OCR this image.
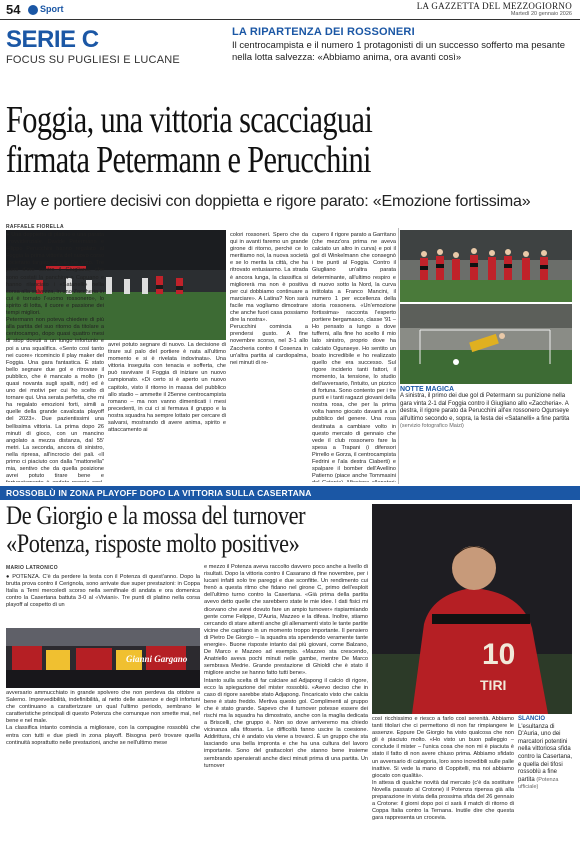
54	Sport	LA GAZZETTA DEL MEZZOGIORNO
Martedì 20 gennaio 2026
SERIE C
FOCUS SU PUGLIESI E LUCANE
LA RIPARTENZA DEI ROSSONERI
Il centrocampista e il numero 1 protagonisti di un successo sofferto ma pesante nella lotta salvezza: «Abbiamo anima, ora avanti così»
Foggia, una vittoria scacciaguai
firmata Petermann e Perucchini
Play e portiere decisivi con doppietta e rigore parato: «Emozione fortissima»
NOTTE MAGICA
A sinistra, il primo dei due gol di Petermann su punizione nella gara vinta 2-1 dal Foggia contro il Giugliano allo «Zaccheria». A destra, il rigore parato da Perucchini all'ex rossonero Ogunseye all'ultimo secondo e, sopra, la festa dei «Satanelli» a fine partita (servizio fotografico Maizi)
RAFFAELE FIORELLA
● Una doppietta di platino e una parata provvidenziale. Davide Petermann e Filippo Perucchini hanno regalato al Foggia la prima vittoria del nuovo corso societario targato Casillo-De Vitto. Tre punti d'oro contro il Giugliano, che sono costati la panchina a Capuano e hanno rilanciato i «Satanelli» nella corsa alla salvezza, in uno Zaccheria in cui è tornato l'«uomo rossonero», lo spirito di lotta, il cuore e passione dei tempi migliori.
Petermann non poteva chiedere di più alla partita del suo ritorno da titolare a centrocampo, dopo quasi quattro mesi di stop dovuti a un lungo infortunio e poi a una squalifica. «Sento così tanto nei cuore» ricomincio il play maker del Foggia. Una gara fantastica. È stato bello segnare due gol e ritrovare il pubblico, che è mancato a molto (in quasi novanta sugli spalti, ndr) ed è uno dei motivi per cui ho scelto di tornare qui. Una serata perfetta, che mi ha regalato emozioni forti, simili a quelle della grande cavalcata playoff del 2023». Due pazientissimi una bellissima vittoria. La prima dopo 26 minuti di gioco, con un mancino angolato a mezza distanza, dal 55' metri. La seconda, ancora di sinistro, nella ripresa, all'incrocio dei pali. «Il primo ci piaciuto con dalla "mattonella" mia, sentivo che da quella posizione avrei potuto tirare bene e
avrei potuto segnare di nuovo. La decisione di tirare sul palo del portiere è nata all'ultimo momento e si è rivelata indovinata». Una vittoria inseguita con tenacia e sofferta, che può ravvivare il Foggia di iniziare un nuovo campionato. «Di certo si è aperto un nuovo capitolo, visto il ritorno in massa del pubblico allo stadio – ammette il 25enne centrocampista romano – ma non vanno dimenticati i mesi precedenti, in cui ci si fermava il gruppo e la nostra squadra ha sempre lottato per cercare di salvarsi, mostrando di avere anima, spirito e attaccamento ai
colori rossoneri. Spero che da qui in avanti faremo un grande girone di ritorno, perché ce lo meritiamo noi, la nuova società e se lo merita la città, che ha ritrovato entusiasmo. La strada è ancora lunga, la classifica si migliorerà ma non è positiva per cui dobbiamo continuare a marciare». A Latina? Non sarà facile ma vogliamo dimostrare che anche fuori casa possiamo dire la nostra».
Perucchini comincia a prendersi gusto. A fine novembre scorso, nel 3-1 allo Zaccheria contro il Cosenza in un'altra partita al cardiopalma, nei minuti di re-
cupero il rigore parato a Garritano (che mezz'ora prima ne aveva calciato un altro in curva) e poi il gol di Winkelmann che consegnò i tre punti al Foggia. Contro il Giugliano un'altra parata determinante, all'ultimo respiro e di nuovo sotto la Nord, la curva intitolata a Franco Mancini, il numero 1 per eccellenza della storia rossonera. «Un'emozione fortissima» racconta l'esperto portiere bergamasco, classe '91 – Ho pensato a lungo a dove tufferni, alla fine ho scelto il mio lato sinistro, proprio dove ha calciato Ogunseye. Ho sentito un boato incredibile e ho realizzato quello che era successo. Sul rigore inciderio tanti fattori, il momento, la tensione, lo studio dell'avversario, l'intuito, un pizzico di fortuna. Sono contento per i tre punti e i tanti ragazzi giovani della nostra rosa, che per la prima volta hanno giocato davanti a un pubblico del genere. Una rosa destinata a cambiare volto in questo mercato di gennaio che vede il club rossonero fare la spesa a Trapani (i difensori Pirrello e Gorza, il centrocampista Fedrini e l'ala destra Ciaberti) e spalpare il bomber dell'Avellino Patierno (piace anche Tommasini
ROSSOBLÙ IN ZONA PLAYOFF DOPO LA VITTORIA SULLA CASERTANA
De Giorgio e la mossa del turnover
«Potenza, risposte molto positive»
10
TIRI
Gianni Gargano
MARIO LATRONICO
● POTENZA. C'è da perdere la testa con il Potenza di quest'anno. Dopo la brutta prova contro il Cerignola, sono arrivate due super prestazioni: in Coppa Italia a Terni mercoledì scorso nella semifinale di andata e ora domenica contro la Casertana battuta 3-0 al «Viviani». Tre punti di platino nella corsa playoff al cospetto di un
avversario ammucchiato in grande spolvero che non perdeva da ottobre a Salerno. Imprevedibilità, indefinibilità, al netto delle assenze e degli infortuni che continuano a caratterizzare un qual l'ultimo periodo, sembrano le caratteristiche principali di questo Potenza che comunque non smette mai, nel bene e nel male.
La classifica intanto comincia a migliorare, con la compagine rossoblù che entra con tutti e due piedi in zona playoff. Bisogna però trovare quella continuità soprattutto nelle prestazioni, anche se nell'ultimo mese
e mezzo il Potenza aveva raccolto davvero poco anche a livello di risultati. Dopo la vittoria contro il Casarano di fine novembre, per i lucani infatti solo tre pareggi e due sconfitte. Un rendimento cui frenò a questa ritmo che fidano nel girone C, primo dell'esploit dell'ultimo turno contro la Casertana. «Già prima della partita avevo detto quelle che sarebbero state le mie idee. I dati fisici mi dicevano che avrei dovuto fare un ampio turnover» rispiarmiando gente come Felippe, D'Auria, Mazzeo e la difesa. Inoltre, stiamo cercando di stare attenti anche gli allenamenti visto le tante partite vicine che capitano in un momento troppo importante. Il pensiero di Pietro De Giorgio – la squadra sta spendendo veramente tante energie». Buone risposte intanto dai più giovani, come Balzano, De Marco e Mazzeo ad esempio. «Mazzeo sta crescendo, Anatriello aveva pochi minuti nelle gambe, mentre De Marco sembrava Medrie. Grande prestazione di Ghioldi che è stato il migliore anche se hanno fatto tutti bene».
Intanto sulla scelta di far calciare ad Adjapong il calcio di rigore, ecco la spiegazione del mister rossoblù. «Avevo deciso che in caso di rigore sarebbe stato Adjapong. l'incaricato visto che calcia bene è stato freddo. Mertiva questo gol. Complimenti al gruppo che è stato grande. Sapevo che il turnover potesse essere dei rischi ma la squadra ha dimostrato, anche con la maglia dedicata a Briscelli, che gruppo è. Non so dove arriveremo ma chiedo vicinanza alla tifoseria. Le difficoltà fanno uscire la coesione. Addirittura, chi è andato via viene a trovarci. È un gruppo che sta lasciando una bella impronta e che ha una cultura del lavoro importante. Sono del grattacolori che stanno bene insieme sembrando spensierati anche dieci minuti prima di una partita. Un turnover
così ricchissimo e riesco a farlo così serenità. Abbiamo tanti titolari che ci permettono di non far rimpiangere le assenze. Eppure De Giorgio ha visto qualcosa che non gli è piaciuto molto. «Ho visto un buon palleggio – conclude il mister – l'unica cosa che non mi è piaciuta è stato il fatto di non avere chiuso prima. Abbiamo sfidato un avversario di categoria, loro sono incredibili sulle palle inattive. Si vede la mano di Coppitelli, ma noi abbiamo giocato con qualità».
In attesa di qualche novità dal mercato (c'è da sostituire Novella passato al Crotone) il Potenza ripensa già alla preparazione in vista della prossima sfida del 26 gennaio a Crotone: il giorni dopo poi ci sarà il match di ritorno di Coppa Italia contro la Ternana. Inutile dire che questa gara rappresenta un crocevia.
SLANCIO L'esultanza di D'Auria, uno dei marcatori potentini nella vittoriosa sfida contro la Casertana, e quella dei tifosi rossoblù a fine partita (Potenza ufficiale)
